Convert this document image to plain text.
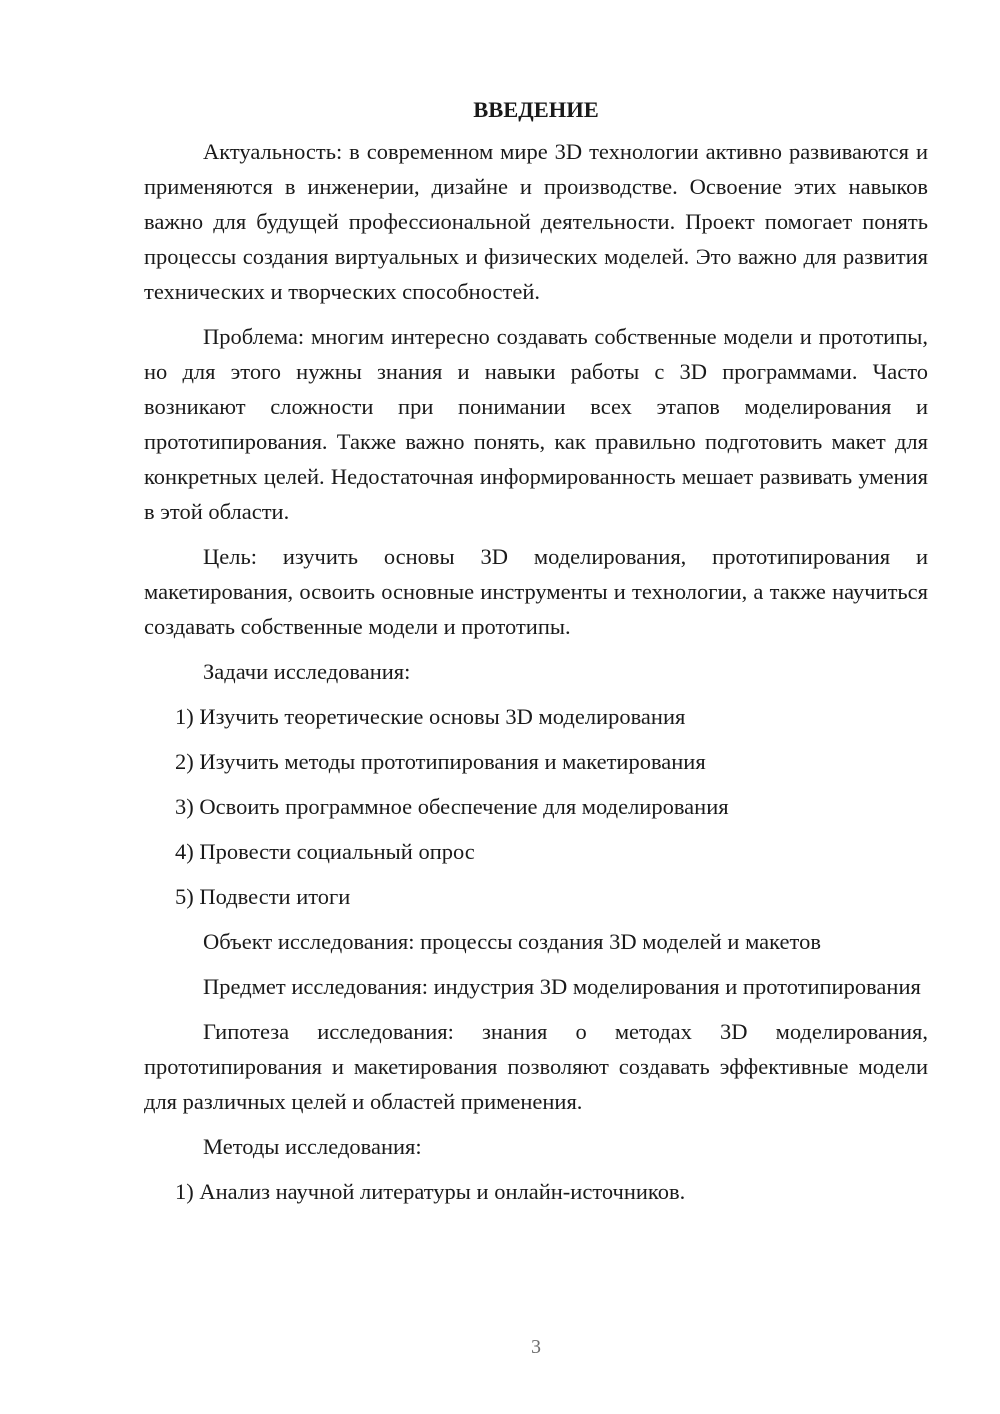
ВВЕДЕНИЕ
Актуальность: в современном мире 3D технологии активно развиваются и применяются в инженерии, дизайне и производстве. Освоение этих навыков важно для будущей профессиональной деятельности. Проект помогает понять процессы создания виртуальных и физических моделей. Это важно для развития технических и творческих способностей.
Проблема: многим интересно создавать собственные модели и прототипы, но для этого нужны знания и навыки работы с 3D программами. Часто возникают сложности при понимании всех этапов моделирования и прототипирования. Также важно понять, как правильно подготовить макет для конкретных целей. Недостаточная информированность мешает развивать умения в этой области.
Цель: изучить основы 3D моделирования, прототипирования и макетирования, освоить основные инструменты и технологии, а также научиться создавать собственные модели и прототипы.
Задачи исследования:
1) Изучить теоретические основы 3D моделирования
2) Изучить методы прототипирования и макетирования
3) Освоить программное обеспечение для моделирования
4) Провести социальный опрос
5) Подвести итоги
Объект исследования: процессы создания 3D моделей и макетов
Предмет исследования: индустрия 3D моделирования и прототипирования
Гипотеза исследования: знания о методах 3D моделирования, прототипирования и макетирования позволяют создавать эффективные модели для различных целей и областей применения.
Методы исследования:
1) Анализ научной литературы и онлайн-источников.
3
